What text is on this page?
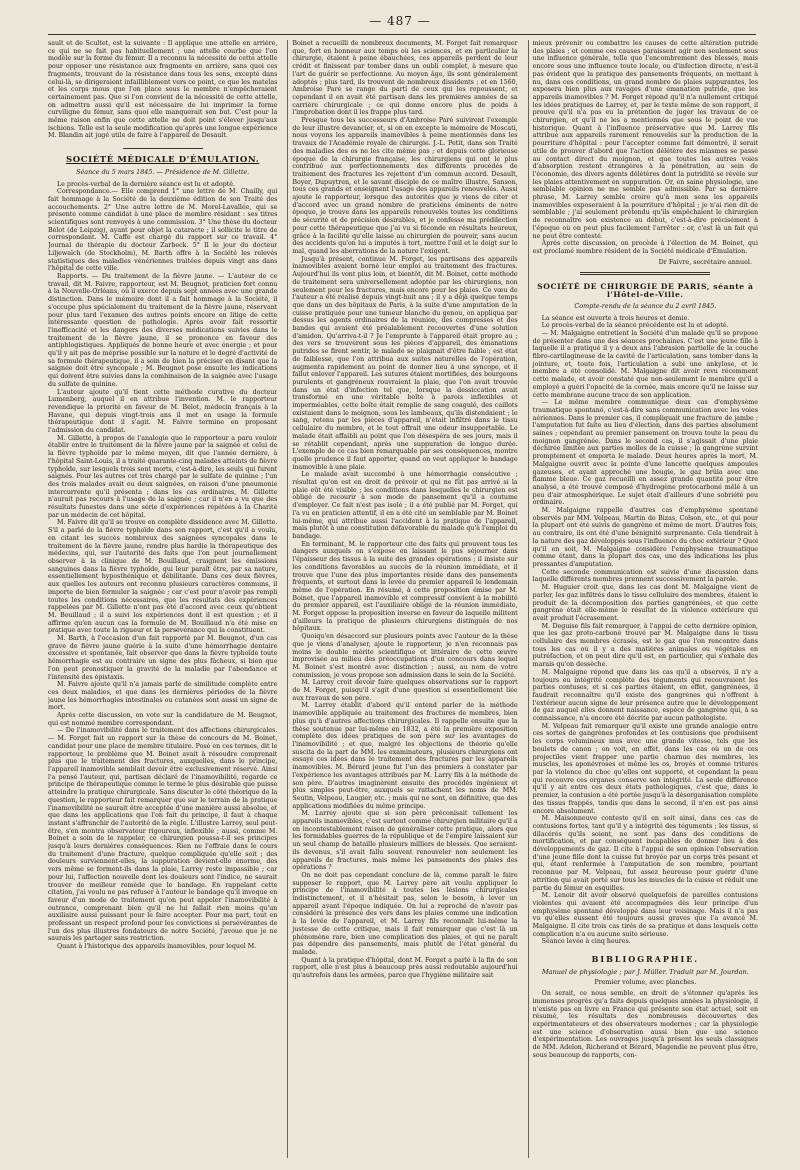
— 487 —

sault et de Scultet, est la suivante : Il applique une attelle en arrière, ce qui ne se fait pas habituellement ; une attelle courbe que l'on modèle sur la forme du fémur. Il a reconnu la nécessité de cette attelle pour opposer une résistance aux fragments en arrière, sans quoi ces fragments, trouvant de la résistance dans tous les sens, excepté dans celui-là, se dirigeraient infailliblement vers ce point, ce que les matelas et les corps mous que l'on place sous le membre n'empêcheraient certainement pas. Que si l'on convient de la nécessité de cette attelle, on admettra aussi qu'il est nécessaire de lui imprimer la forme curviligne du fémur, sans quoi elle manquerait son but. C'est pour la même raison enfin que cette attelle ne doit point s'élever jusqu'aux ischions. Telle est la seule modification qu'après une longue expérience M. Blandin ait jugé utile de faire à l'appareil de Desault.

SOCIÉTÉ MÉDICALE D'ÉMULATION.
Séance du 5 mars 1845. — Présidence de M. Gillette.

Le procès-verbal de la dernière séance est lu et adopté.

Correspondance.— Elle comprend 1° une lettre de M. Chailly, qui fait hommage à la Société de la deuxième édition de son Traité des accouchements. 2° Une autre lettre de M. Morel-Lavallée, qui se présente comme candidat à une place de membre résidant : ses titres scientifiques sont renvoyés à une commission. 3° Une thèse du docteur Bélot (de Leipzig), ayant pour objet la cataracte ; il sollicite le titre de correspondant. M. Caffe est chargé du rapport sur ce travail. 4° Journal de thérapie du docteur Zarbeck. 5° Il le jour du docteur Liljewalch (de Stockholm), M. Barth offre à la Société les relevés statistiques des maladies vénériennes traitées depuis vingt ans dans l'hôpital de cette ville.

Rapports. — Du traitement de la fièvre jaune. — L'auteur de ce travail, dit M. Faivre, rapporteur, est M. Beugnot, praticien fort connu à la Nouvelle-Orléans, où il exerce depuis sept années avec une grande distinction. Dans le mémoire dont il a fait hommage à la Société, il s'occupe plus spécialement du traitement de la fièvre jaune, réservant pour plus tard l'examen des autres points encore en litige de cette intéressante question de pathologie. Après avoir fait ressortir l'inefficacité et les dangers des diverses médications suivies dans le traitement de la fièvre jaune, il se prononce en faveur des antiphlogistiques. Appliqués de bonne heure et avec énergie ; et pour qu'il y ait pas de méprise possible sur la nature et le degré d'activité de sa formule thérapeutique, il a soin de bien la préciser en disant que la saignée doit être syncopale ; M. Beugnot pose ensuite les indications qui doivent être suivies dans la combinaison de la saignée avec l'usage du sulfate de quinine.

L'auteur ajoute qu'il tient cette méthode curative du docteur Lumenberg, auquel il en attribue l'invention. M. le rapporteur revendique la priorité en faveur de M. Bélot, médecin français à la Havane, qui depuis vingt-trois ans il met en usage la formule thérapeutique dont il s'agit. M. Faivre termine en proposant l'admission du candidat.

M. Gillette, à propos de l'analogie que le rapporteur a paru vouloir établir entre le traitement de la fièvre jaune par la saignée et celui de la fièvre typhoïde par le même moyen, dit que l'année dernière, à l'hôpital Saint-Louis, il a traité quarante-cinq malades atteints de fièvre typhoïde, sur lesquels trois sont morts, c'est-à-dire, les seuls qui furent saignés. Pour les autres cet très chargé par le sulfate de quinine ; l'un des trois malades avait eu deux saignées, en raison d'une pneumonie intercurrente qu'il présenta ; dans les cas ordinaires, M. Gillette n'aurait pas recours à l'usage de la saignée ; car il n'en a vu que des résultats funestes dans une série d'expériences répétées à la Charité par un médecin de cet hôpital.

M. Faivre dit qu'il se trouve en complète dissidence avec M. Gillette. S'il a parlé de la fièvre typhoïde dans son rapport, c'est qu'il a voulu, en citant les succès nombreux des saignées syncopales dans le traitement de la fièvre jaune, rendre plus hardie la thérapeutique des médecins, qui, sur l'autorité des faits que l'on peut journellement observer à la clinique de M. Bouillaud, craignent les émissions sanguines dans la fièvre typhoïde, qui leur paraît être, par sa nature, essentiellement hyposthénique et débilitante. Dans ces deux fièvres, aux quelles les auteurs ont reconnu plusieurs caractères communs, il importe de bien formuler la saignée ; car c'est pour n'avoir pas rempli toutes les conditions nécessaires, que les résultats des expériences rappelées par M. Gillette n'ont pas été d'accord avec ceux qu'obtient M. Bouillaud ; il a suivi les expériences dont il est question ; et il affirme qu'en aucun cas la formule de M. Bouillaud n'a été mise en pratique avec toute la rigueur et la persévérance qui la constituent.

M. Barth, à l'occasion d'un fait rapporté par M. Beugnot, d'un cas grave de fièvre jaune guérie à la suite d'une hémorrhagie dentaire excessive et spontanée, fait observer que dans la fièvre typhoïde toute hémorrhagie est au contraire un signe des plus fâcheux, si bien que l'on peut pronostiquer la gravité de la maladie par l'abondance et l'intensité des épistaxis.

M. Faivre ajoute qu'il n'a jamais parlé de similitude complète entre ces deux maladies, et que dans les dernières périodes de la fièvre jaune les hémorrhagies intestinales ou cutanées sont aussi un signe de mort.

Après cette discussion, on vote sur la candidature de M. Beugnot, qui est nommé membre correspondant.

— De l'inamovibilité dans le traitement des affections chirurgicales. — M. Forget fait un rapport sur la thèse de concours de M. Boinet, candidat pour une place de membre titulaire. Posé en ces termes, dit le rapporteur, le problème que M. Boinet avait à résoudre comprenait plus que le traitement des fractures, auxquelles, dans le principe, l'appareil inamovible semblait devoir être exclusivement réservé. Ainsi l'a pensé l'auteur, qui, partisan déclaré de l'inamovibilité, regarde ce principe de thérapeutique comme le terme le plus désirable que puisse atteindre la pratique chirurgicale. Sans discuter le côté théorique de la question, le rapporteur fait remarquer que sur le terrain de la pratique l'inamovibilité ne saurait être acceptée d'une manière aussi absolue, et que dans les applications que l'on fait du principe, il faut à chaque instant s'affranchir de l'autorité de la règle. L'illustre Larrey, seul peut-être, s'en montra observateur rigoureux, inflexible ; aussi, comme M. Boinet a soin de le rappeler, ce chirurgien poussa-t-il ses principes jusqu'à leurs dernières conséquences. Rien ne l'effraie dans le cours du traitement d'une fracture, quelque compliquée qu'elle soit ; des douleurs surviennent-elles, la suppuration devient-elle énorme, des vers même se forment-ils dans la plaie, Larrey reste impassible ; car pour lui, l'affection nouvelle dont les douleurs sont l'indice, ne saurait trouver de meilleur remède que le bandage. En rappelant cette citation, j'ai voulu ne pas refuser à l'auteur le bandage qu'il invoque en faveur d'un mode de traitement qu'on peut appeler l'inamovibilité à outrance, comprenant bien qu'il ne lui fallait rien moins qu'un auxiliaire aussi puissant pour le faire accepter. Pour ma part, tout en professant un respect profond pour les convictions si persévérantes de l'un des plus illustres fondateurs de notre Société, j'avoue que je ne saurais les partager sans restriction.

Quant à l'historique des appareils inamovibles, pour lequel M.

Boinet a recueilli de nombreux documents, M. Forget fait remarquer que, fort en honneur aux temps où les sciences, et en particulier la chirurgie, étaient à peine ébauchées, ces appareils perdent de leur crédit et finissent par tomber dans un oubli complet, à mesure que l'art de guérir se perfectionne. Au moyen âge, ils sont généralement adoptés ; plus tard, ils trouvent de nombreux dissidents ; et en 1560, Ambroise Paré se range du parti de ceux qui les repoussent, et cependant il en avait été partisan dans les premières années de sa carrière chirurgicale ; ce qui donne encore plus de poids à l'improbation dont il les frappe plus tard.

Presque tous les successeurs d'Ambroise Paré suivirent l'exemple de leur illustre devancier, et, si on en excepte le mémoire de Moscati, nous voyons les appareils inamovibles à peine mentionnés dans les travaux de l'Académie royale de chirurgie. J.-L. Petit, dans son Traité des maladies des os ne les cite même pas ; et depuis cette glorieuse époque de la chirurgie française, les chirurgiens qui ont le plus contribué aux perfectionnements des différents procédés de traitement des fractures les rejettent d'un commun accord. Desault, Boyer, Dupuytren, et le savant disciple de ce maître illustre, Sanson, tous ces grands et enseignent l'usage des appareils renouvelés. Aussi ajoute le rapporteur, lorsque des autorités que je viens de citer et d'accord avec un grand nombre de praticiens éminents de notre époque, je trouve dans les appareils renouvelés toutes les conditions de sécurité et de précision désirables, et je confesse ma prédilection pour cette thérapeutique que j'ai vu si féconde en résultats heureux, grâce à la facilité qu'elle laisse au chirurgien de pouvoir, sans aucun des accidents qu'on lui a imputés à tort, mettre l'œil et le doigt sur le mal, quand les aberrations de la nature l'exigent.

Jusqu'à présent, continue M. Forget, les partisans des appareils inamovibles avaient borné leur emploi au traitement des fractures. Aujourd'hui ils vont plus loin, et bientôt, dit M. Boinet, cette méthode de traitement sera universellement adoptée par les chirurgiens, non seulement pour les fractures, mais encore pour les plaies. Ce vœu de l'auteur a été réalisé depuis vingt-huit ans ; il y a déjà quelque temps que dans un des hôpitaux de Paris, à la suite d'une amputation de la cuisse pratiquée pour une tumeur blanche du genou, on appliqua par dessus les agents ordinaires de la réunion, des compresses et des bandes qui avaient été préalablement recouvertes d'une solution d'amidon. Qu'arriva-t-il ? Je l'emprunte à l'appareil était propre au ; des vers se trouvèrent sous les pièces d'appareil, des émanations putrides se firent sentir, le malade se plaignait d'être faible ; est état de faiblesse, que l'on attribua aux suites naturelles de l'opération, augmenta rapidement au point de donner lieu à une syncope, et il fallut enlever l'appareil. Les sutures étaient mortifiées, des bourgeons purulents et gangréneux rouvraient la plaie, que l'on avait trouvée dans un état d'infection tel que, lorsque la dessiccation avait transformé en une véritable boîte à parois inflexibles et imperméables, cette boîte était remplie de sang coagulé, des caillots existaient dans le moignon, sous les lambeaux, qu'ils distendaient ; le sang, retenu par les pièces d'appareil, n'était infiltré dans le tissu cellulaire du membre, et le tout offrait une odeur insupportable. Le malade était affaibli au point que l'on désespéra de ses jours, mais il se rétablit cependant, après une suppuration de longue durée. L'exemple de ce cas bien remarquable par ses conséquences, montre quelle prudence il faut apporter, quand on veut appliquer le bandage inamovible à une plaie.

Le malade avait succombé à une hémorrhagie consécutive ; résultat qu'on est en droit de prévoir et qui ne fût pas arrivé si la plaie eût été visible ; les conditions dans lesquelles le chirurgien est obligé de recourir à son mode de pansement qu'il a coutume d'employer. Ce fait n'est pas isolé ; il a été publié par M. Forget, qui l'a vu en praticien attentif, il en a été cité un semblable par M. Boinet lui-même, qui attribue aussi l'accident à la pratique de l'appareil, mais plutôt à une constitution défavorable du malade qu'à l'emploi du bandage.

En terminant, M. le rapporteur cite des faits qui prouvent tous les dangers auxquels on s'expose en laissant le pus séjourner dans l'épaisseur des tissus à la suite des grandes opérations ; il insiste sur les conditions favorables au succès de la réunion immédiate, et il trouve que l'une des plus importantes réside dans des pansements fréquents, et surtout dans la levée du premier appareil le lendemain même de l'opération. En résumé, à cette proposition émise par M. Boinet, que l'appareil inamovible et compressif convient à la mobilité du premier appareil, est l'auxiliaire obligé de la réunion immédiate, M. Forget oppose la proposition inverse en faveur de laquelle militent d'ailleurs la pratique de plusieurs chirurgiens distingués de nos hôpitaux.

Quoiqu'en désaccord sur plusieurs points avec l'auteur de la thèse que je viens d'analyser, ajoute le rapporteur, je n'en reconnais pas moins le double mérite scientifique et littéraire de cette œuvre improvisée au milieu des préoccupations d'un concours dans lequel M. Boinet s'est montré avec distinction ; aussi, au nom de votre commission, je vous propose son admission dans le sein de la Société.

M. Larrey croit devoir faire quelques observations sur le rapport de M. Forget, puisqu'il s'agit d'une question si essentiellement liée aux travaux de son père.

M. Larrey établit d'abord qu'il entend parler de la méthode inamovible appliquée au traitement des fractures de membres, bien plus qu'à d'autres affections chirurgicales. Il rappelle ensuite que la thèse soutenue par lui-même en 1832, a été la première exposition complète des idées pratiques de son père sur les avantages de l'inamovibilité ; et que, malgré les objections de théorie qu'elle suscita de la part de MM. les examinateurs, plusieurs chirurgiens ont essayé ces idées dans le traitement des fractures par les appareils inamovibles. M. Bérard jeune fut l'un des premiers à constater par l'expérience les avantages attribués par M. Larry fils à la méthode de son père. D'autres imaginèrent ensuite des procédés ingénieux et plus simples peut-être, auxquels se rattachent les noms de MM. Seutin, Velpeau, Laugier, etc. ; mais qui ne sont, en définitive, que des applications modifiées du même principe.

M. Larrey ajoute que si son père préconisait tellement les appareils inamovibles, c'est surtout comme chirurgien militaire qu'il a en incontestablement raison de généraliser cette pratique, alors que les formidables guerres de la république et de l'empire laissaient sur un seul champ de bataille plusieurs milliers de blessés. Que seraient-ils devenus, s'il avait fallu souvent renouveler non seulement les appareils de fractures, mais même les pansements des plaies des opérations ?

On ne doit pas cependant conclure de là, comme paraît le faire supposer le rapport, que M. Larrey père ait voulu appliquer le principe de l'inamovibilité à toutes les lésions chirurgicales indistinctement, et il n'hésitait pas, selon le besoin, à lever un appareil avant l'époque indiquée. On lui a reproché de n'avoir pas considéré la présence des vers dans les plaies comme une indication à la levée de l'appareil, et M. Larrey fils reconnaît lui-même la justesse de cette critique, mais il fait remarquer que c'est là un phénomène rare, bien une complication des plaies, et qui ne paraît pas dépendre des pansements, mais plutôt de l'état général du malade.

Quant à la pratique d'hôpital, dont M. Forget a parlé à la fin de son rapport, elle n'est plus à beaucoup près aussi redoutable aujourd'hui qu'autrefois dans les armées, parce que l'hygiène militaire sait

mieux prévenir ou combattre les causes de cette altération putride des plaies ; et comme ces causes paraissent agir non seulement sous une influence générale, telle que l'encombrement des blessés, mais encore sous une influence toute locale, ou d'infection directe, n'est-il pas évident que la pratique des pansements fréquents, en mettant à nu, dans ces conditions, un grand nombre de plaies suppurantes, les exposera bien plus aux ravages d'une émanation putride, que les appareils inamovibles ? M. Forget répond qu'il n'a nullement critiqué les idées pratiques de Larrey, et, par le texte même de son rapport, il prouve qu'il n'a pas eu la prétention de juger les travaux de ce chirurgien, et qu'il ne les a mentionnés que sous le point de vue historique. Quant à l'influence préservative que M. Larrey fils attribue aux appareils rarement renouvelés sur la production de la pourriture d'hôpital : pour l'accepter comme fait démontré, il serait utile de prouver d'abord que l'action délétère des miasmes se passe au contact direct du moignon, et que toutes les autres voies d'absorption restent étrangères à la pénétration, au sein de l'économie, des divers agents délétères dont la putridité se révèle sur les plaies attentivement en suppuration. Or, en saine physiologie, une semblable opinion ne me semble pas admissible. Par sa dernière phrase, M. Larrey semble croire qu'à mon sens les appareils inamovibles exposeraient à la pourriture d'hôpital ; je n'ai rien dit de semblable ; j'ai seulement prétendu qu'ils empêchaient le chirurgien de reconnaître son existence au début, c'est-à-dire précisément à l'époque où on peut plus facilement l'arrêter : or, c'est là un fait qui ne peut être contesté.

Après cette discussion, on procède à l'élection de M. Boinet, qui est proclamé membre résident de la Société médicale d'Émulation.

Dr Faivre, secrétaire annuel.
SOCIÉTÉ DE CHIRURGIE DE PARIS, séante à l'Hôtel-de-Ville.
Compte-rendu de la séance du 2 avril 1845.

La séance est ouverte à trois heures et demie.

Le procès-verbal de la séance précédente est lu et adopté.

— M. Malgaigne entretient la Société d'un malade qu'il se propose de présenter dans une des séances prochaines. C'est une jeune fille à laquelle il a pratiqué il y a deux ans l'abrasion partielle de la couche fibro-cartilagineuse de la cavité de l'articulation, sans tomber dans la jointure, et, toute fois, l'articulation a subi une ankylose, et le membre a été consolidé. M. Malgaigne dit avoir revu récemment cette malade, et avoir constaté que non-seulement le membre qu'il a employé a guéri l'opacité de la cornée, mais encore qu'il ne laisse sur cette membrane aucune trace de son application.

— Le même membre communique deux cas d'emphysème traumatique spontané, c'est-à-dire sans communication avec les voies aériennes. Dans le premier cas, il compliquait une fracture de jambe ; l'amputation fut faite au lieu d'élection, dans des parties absolument saines ; cependant au premier pansement on trouva toute la peau du moignon gangrénée. Dans le second cas, il s'agissait d'une plaie déchirée limitée aux parties molles de la cuisse ; la gangrène survint promptement et emporta le malade. Deux heures après la mort, M. Malgaigne ouvrit avec la pointe d'une lancette quelques ampoules gazeuses, et ayant approché une bougie, le gaz brûla avec une flamme bleue. Ce gaz recueilli en assez grande quantité pour être analysé, a été trouvé composé d'hydrogène protocarboné mêlé à un peu d'air atmosphérique. Le sujet était d'ailleurs d'une sobriété peu ordinaire.

M. Malgaigne rappelle d'autres cas d'emphysème spontané observés par MM. Velpeau, Martin de Bizas, Colson, etc., et qui pour la plupart ont été suivis de gangrène et même de mort. D'autres fois, au contraire, ils ont été d'une bénignité surprenante. Cela tiendrait à la nature des gaz développés sous l'influence du choc extérieur ? Quoi qu'il en soit, M. Malgaigne considère l'emphysème traumatique comme étant, dans la plupart des cas, une des indications les plus pressantes d'amputation.

Cette seconde communication est suivie d'une discussion dans laquelle différents membres prennent successivement la parole.

M. Huguier croit que, dans les cas dont M. Malgaigne vient de parler, les gaz infiltrés dans le tissu cellulaire des membres, étaient le produit de la décomposition des parties gangrénées, et que cette gangrène était elle-même le résultat de la violence extérieure qui avait produit l'écrasement.

M. Deguise fils fait remarquer, à l'appui de cette dernière opinion, que les gaz proto-carboné trouvé par M. Malgaigne dans le tissu cellulaire des membres écrasés, est le gaz que l'on rencontre dans tous les cas où il y a des matières animales ou végétales en putréfaction, et on peut dire qu'il est, en particulier, qui s'exhale des marais qu'on dessèche.

M. Malgaigne répond que dans les cas qu'il a observés, il n'y a toujours eu intégrité complète des téguments qui recouvraient les parties contuses, et si ces parties étaient, en effet, gangrénées, il faudrait reconnaître qu'il existe des gangrènes qui n'offrent à l'extérieur aucun signe de leur présence autre que le développement de gaz auquel elles donnent naissance, espèce de gangrène qui, à sa connaissance, n'a encore été décrite par aucun pathologiste.

M. Velpeau fait remarquer qu'il existe une grande analogie entre ces sortes de gangrènes profondes et les contusions que produisent les corps volumineux mus avec une grande vitesse, tels que les boulets de canon ; on voit, en effet, dans les cas où un de ces projectiles vient frapper une partie charnue des membres, les muscles, les aponévroses et même les os, broyés et comme triturés par la violence du choc qu'elles ont supporté, et cependant la peau qui recouvre ces organes conserve son intégrité. La seule différence qu'il y ait entre ces deux états pathologiques, c'est que, dans le premier, la contusion a été portée jusqu'à la désorganisation complète des tissus frappés, tandis que dans le second, il n'en est pas ainsi encore absolument.

M. Maisonneuve conteste qu'il en soit ainsi, dans ces cas de contusions fortes, tant qu'il y a intégrité des téguments ; les tissus, si dilacérés qu'ils soient, ne sont pas dans des conditions de mortification, et par conséquent incapables de donner lieu à des développements de gaz. Il cite à l'appui de son opinion l'observation d'une jeune fille dont la cuisse fut broyée par un corps très pesant et qui, étant renfermée à l'amputation de son membre, pourtant reconnue par M. Velpeau, fut assez heureuse pour guérir d'une attrition qui avait porté sur tous les muscles de la cuisse et réduit une partie du fémur en esquilles.

M. Lenoir dit avoir observé quelquefois de pareilles contusions violentes qui avaient été accompagnées dès leur principe d'un emphysème spontané développé dans leur voisinage. Mais il n'a pas vu qu'elles eussent été toujours aussi graves que l'a avancé M. Malgaigne. Il cite trois cas tirés de sa pratique et dans lesquels cette complication n'a eu aucune suite sérieuse.

Séance levée à cinq heures.

BIBLIOGRAPHIE.
Manuel de physiologie ; par J. Müller. Traduit par M. Jourdan.
Premier volume, avec planches.

On serait, ce nous semble, en droit de s'étonner qu'après les immenses progrès qu'a faits depuis quelques années la physiologie, il n'existe pas en livre en France qui présente son état actuel, soit en résumé, les résultats des nombreuses découvertes des expérimentateurs et des observateurs modernes ; car la physiologie est une science d'observation aussi bien que une science d'expérimentation. Les ouvrages jusqu'à présent les seuls classiques de MM. Adelon, Richerand et Bérard, Magendie ne peuvent plus être, sous beaucoup de rapports, con-
